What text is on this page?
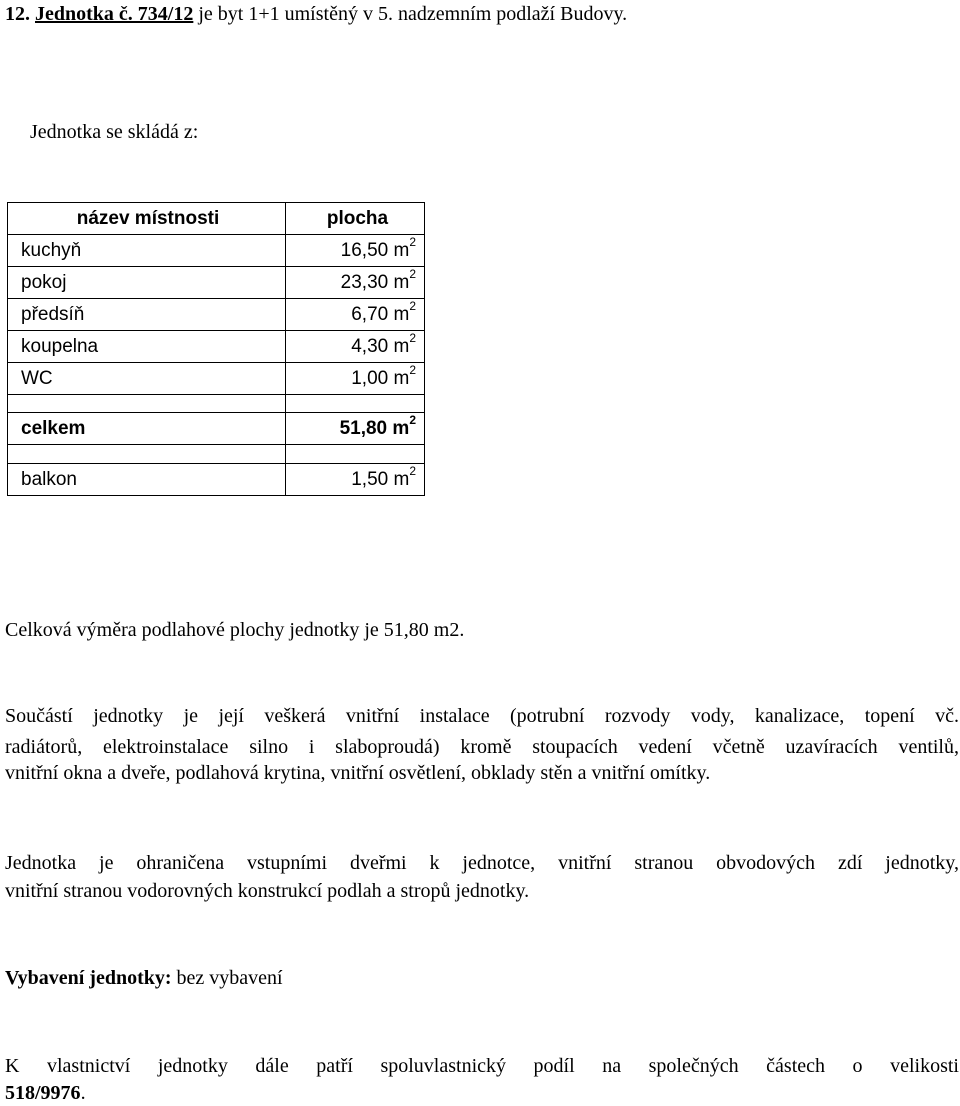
12. Jednotka č. 734/12 je byt 1+1 umístěný v 5. nadzemním podlaží Budovy.
Jednotka se skládá z:
název místnosti	plocha
kuchyň	16,50 $m^2$
pokoj	23,30 $m^2$
předsíň	6,70 $m^2$
koupelna	4,30 $m^2$
WC	1,00 $m^2$

celkem	51,80 $m^2$

balkon	1,50 $m^2$
Celková výměra podlahové plochy jednotky je 51,80 m2.
Součástí jednotky je její veškerá vnitřní instalace (potrubní rozvody vody, kanalizace, topení vč.
radiátorů, elektroinstalace silno i slaboproudá) kromě stoupacích vedení včetně uzavíracích ventilů,
vnitřní okna a dveře, podlahová krytina, vnitřní osvětlení, obklady stěn a vnitřní omítky.
Jednotka je ohraničena vstupními dveřmi k jednotce, vnitřní stranou obvodových zdí jednotky,
vnitřní stranou vodorovných konstrukcí podlah a stropů jednotky.
Vybavení jednotky: bez vybavení
K vlastnictví jednotky dále patří spoluvlastnický podíl na společných částech o velikosti
518/9976.
